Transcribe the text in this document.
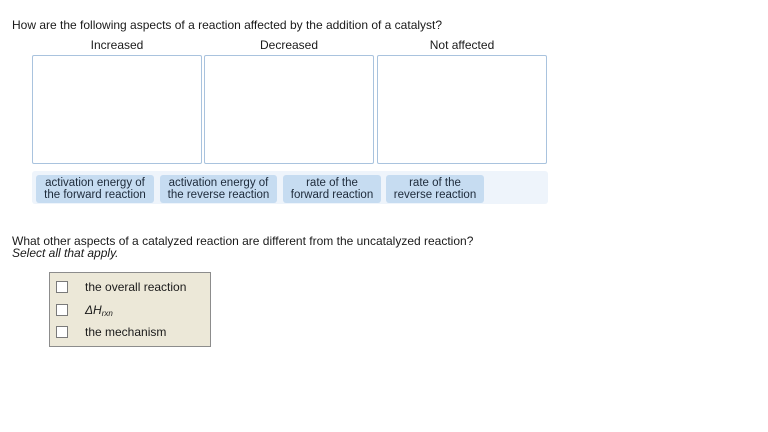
How are the following aspects of a reaction affected by the addition of a catalyst?
Increased	Decreased	Not affected
activation energy of
the forward reaction
activation energy of
the reverse reaction
rate of the
forward reaction
rate of the
reverse reaction
What other aspects of a catalyzed reaction are different from the uncatalyzed reaction?
Select all that apply.
the overall reaction
$\Delta H_{rxn}$
the mechanism
